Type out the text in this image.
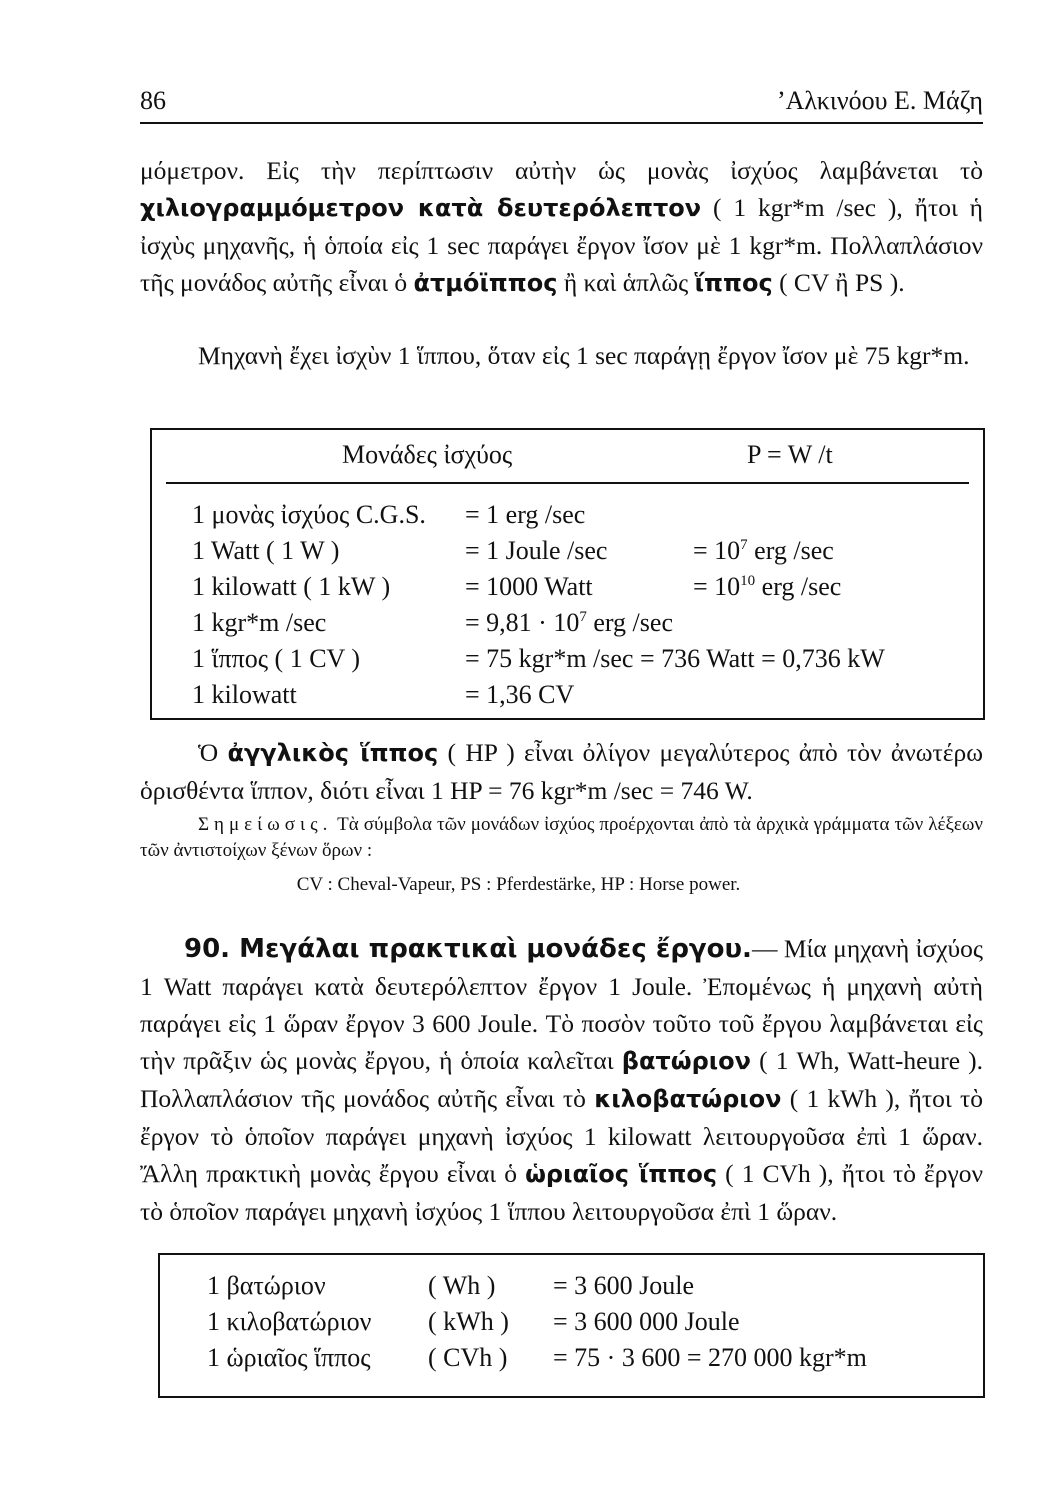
86	’Αλκινόου Ε. Μάζη
μόμετρον. Εἰς τὴν περίπτωσιν αὐτὴν ὡς μονὰς ἰσχύος λαμβάνεται τὸ χιλιογραμμόμετρον κατὰ δευτερόλεπτον ( 1 kgr*m /sec ), ἤτοι ἡ ἰσχὺς μηχανῆς, ἡ ὁποία εἰς 1 sec παράγει ἔργον ἴσον μὲ 1 kgr*m. Πολλαπλάσιον τῆς μονάδος αὐτῆς εἶναι ὁ ἀτμόϊππος ἢ καὶ ἁπλῶς ἵππος ( CV ἢ PS ).
Μηχανὴ ἔχει ἰσχὺν 1 ἵππου, ὅταν εἰς 1 sec παράγῃ ἔργον ἴσον μὲ 75 kgr*m.
Μονάδες ἰσχύος	P = W /t
1 μονὰς ἰσχύος C.G.S. = 1 erg /sec
1 Watt ( 1 W )	= 1 Joule /sec	= $10^7$ erg /sec
1 kilowatt ( 1 kW )	= 1000 Watt	= $10^{10}$ erg /sec
1 kgr*m /sec	= $9,81 \cdot 10^7$ erg /sec
1 ἵππος ( 1 CV )	= 75 kgr*m /sec = 736 Watt = 0,736 kW
1 kilowatt	= 1,36 CV
Ὁ ἀγγλικὸς ἵππος ( HP ) εἶναι ὀλίγον μεγαλύτερος ἀπὸ τὸν ἀνωτέρω ὁρισθέντα ἵππον, διότι εἶναι 1 HP = 76 kgr*m /sec = 746 W.
Σημείωσις. Τὰ σύμβολα τῶν μονάδων ἰσχύος προέρχονται ἀπὸ τὰ ἀρχικὰ γράμματα τῶν λέξεων τῶν ἀντιστοίχων ξένων ὅρων :
CV : Cheval-Vapeur, PS : Pferdestärke, HP : Horse power.
90. Μεγάλαι πρακτικαὶ μονάδες ἔργου.— Μία μηχανὴ ἰσχύος 1 Watt παράγει κατὰ δευτερόλεπτον ἔργον 1 Joule. Ἐπομένως ἡ μηχανὴ αὐτὴ παράγει εἰς 1 ὥραν ἔργον 3 600 Joule. Τὸ ποσὸν τοῦτο τοῦ ἔργου λαμβάνεται εἰς τὴν πρᾶξιν ὡς μονὰς ἔργου, ἡ ὁποία καλεῖται βατώριον ( 1 Wh, Watt-heure ). Πολλαπλάσιον τῆς μονάδος αὐτῆς εἶναι τὸ κιλοβατώριον ( 1 kWh ), ἤτοι τὸ ἔργον τὸ ὁποῖον παράγει μηχανὴ ἰσχύος 1 kilowatt λειτουργοῦσα ἐπὶ 1 ὥραν. Ἄλλη πρακτικὴ μονὰς ἔργου εἶναι ὁ ὡριαῖος ἵππος ( 1 CVh ), ἤτοι τὸ ἔργον τὸ ὁποῖον παράγει μηχανὴ ἰσχύος 1 ἵππου λειτουργοῦσα ἐπὶ 1 ὥραν.
1 βατώριον	( Wh ) = 3 600 Joule
1 κιλοβατώριον ( kWh ) = 3 600 000 Joule
1 ὡριαῖος ἵππος ( CVh ) = 75 · 3 600 = 270 000 kgr*m
